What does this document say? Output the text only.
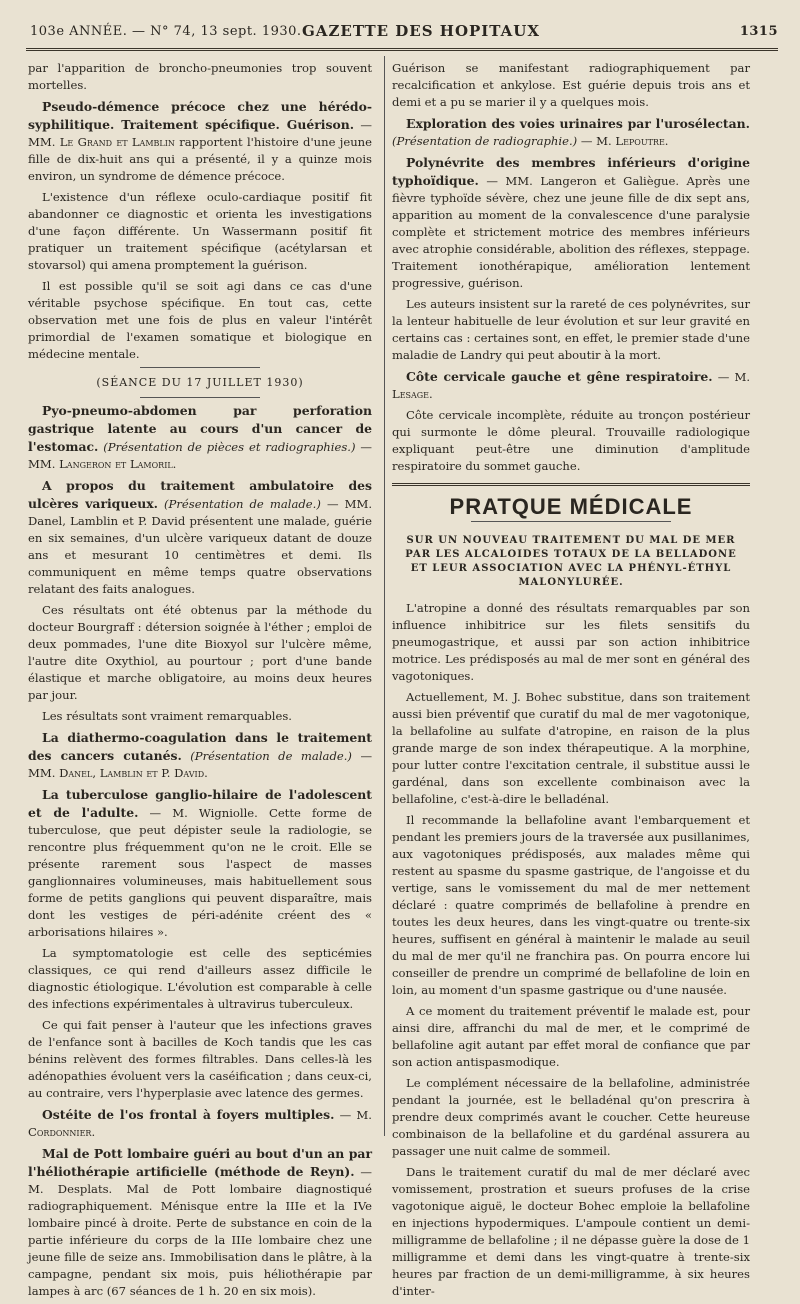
103e ANNÉE. — N° 74, 13 sept. 1930. GAZETTE DES HOPITAUX	1315

par l'apparition de broncho-pneumonies trop souvent mortelles.

Pseudo-démence précoce chez une hérédo-syphilitique. Traitement spécifique. Guérison. — MM. Le Grand et Lamblin rapportent l'histoire d'une jeune fille de dix-huit ans qui a présenté, il y a quinze mois environ, un syndrome de démence précoce.

L'existence d'un réflexe oculo-cardiaque positif fit abandonner ce diagnostic et orienta les investigations d'une façon différente. Un Wassermann positif fit pratiquer un traitement spécifique (acétylarsan et stovarsol) qui amena promptement la guérison.

Il est possible qu'il se soit agi dans ce cas d'une véritable psychose spécifique. En tout cas, cette observation met une fois de plus en valeur l'intérêt primordial de l'examen somatique et biologique en médecine mentale.

(SÉANCE DU 17 JUILLET 1930)

Pyo-pneumo-abdomen par perforation gastrique latente au cours d'un cancer de l'estomac. (Présentation de pièces et radiographies.) — MM. Langeron et Lamoril.

A propos du traitement ambulatoire des ulcères variqueux. (Présentation de malade.) — MM. Danel, Lamblin et P. David présentent une malade, guérie en six semaines, d'un ulcère variqueux datant de douze ans et mesurant 10 centimètres et demi. Ils communiquent en même temps quatre observations relatant des faits analogues.

Ces résultats ont été obtenus par la méthode du docteur Bourgraff : détersion soignée à l'éther ; emploi de deux pommades, l'une dite Bioxyol sur l'ulcère même, l'autre dite Oxythiol, au pourtour ; port d'une bande élastique et marche obligatoire, au moins deux heures par jour.

Les résultats sont vraiment remarquables.

La diathermo-coagulation dans le traitement des cancers cutanés. (Présentation de malade.) — MM. Danel, Lamblin et P. David.

La tuberculose ganglio-hilaire de l'adolescent et de l'adulte. — M. Wigniolle. Cette forme de tuberculose, que peut dépister seule la radiologie, se rencontre plus fréquemment qu'on ne le croit. Elle se présente rarement sous l'aspect de masses ganglionnaires volumineuses, mais habituellement sous forme de petits ganglions qui peuvent disparaître, mais dont les vestiges de péri-adénite créent des « arborisations hilaires ».

La symptomatologie est celle des septicémies classiques, ce qui rend d'ailleurs assez difficile le diagnostic étiologique. L'évolution est comparable à celle des infections expérimentales à ultravirus tuberculeux.

Ce qui fait penser à l'auteur que les infections graves de l'enfance sont à bacilles de Koch tandis que les cas bénins relèvent des formes filtrables. Dans celles-là les adénopathies évoluent vers la caséification ; dans ceux-ci, au contraire, vers l'hyperplasie avec latence des germes.

Ostéite de l'os frontal à foyers multiples. — M. Cordonnier.

Mal de Pott lombaire guéri au bout d'un an par l'héliothérapie artificielle (méthode de Reyn). — M. Desplats. Mal de Pott lombaire diagnostiqué radiographiquement. Ménisque entre la IIIe et la IVe lombaire pincé à droite. Perte de substance en coin de la partie inférieure du corps de la IIIe lombaire chez une jeune fille de seize ans. Immobilisation dans le plâtre, à la campagne, pendant six mois, puis héliothérapie par lampes à arc (67 séances de 1 h. 20 en six mois).

Guérison se manifestant radiographiquement par recalcification et ankylose. Est guérie depuis trois ans et demi et a pu se marier il y a quelques mois.

Exploration des voies urinaires par l'urosélectan. (Présentation de radiographie.) — M. Lepoutre.

Polynévrite des membres inférieurs d'origine typhoïdique. — MM. Langeron et Galiègue. Après une fièvre typhoïde sévère, chez une jeune fille de dix sept ans, apparition au moment de la convalescence d'une paralysie complète et strictement motrice des membres inférieurs avec atrophie considérable, abolition des réflexes, steppage. Traitement ionothérapique, amélioration lentement progressive, guérison.

Les auteurs insistent sur la rareté de ces polynévrites, sur la lenteur habituelle de leur évolution et sur leur gravité en certains cas : certaines sont, en effet, le premier stade d'une maladie de Landry qui peut aboutir à la mort.

Côte cervicale gauche et gêne respiratoire. — M. Lesage.

Côte cervicale incomplète, réduite au tronçon postérieur qui surmonte le dôme pleural. Trouvaille radiologique expliquant peut-être une diminution d'amplitude respiratoire du sommet gauche.

PRATQUE MÉDICALE

SUR UN NOUVEAU TRAITEMENT DU MAL DE MER PAR LES ALCALOIDES TOTAUX DE LA BELLADONE ET LEUR ASSOCIATION AVEC LA PHÉNYL-ÉTHYL MALONYLURÉE.

L'atropine a donné des résultats remarquables par son influence inhibitrice sur les filets sensitifs du pneumogastrique, et aussi par son action inhibitrice motrice. Les prédisposés au mal de mer sont en général des vagotoniques.

Actuellement, M. J. Bohec substitue, dans son traitement aussi bien préventif que curatif du mal de mer vagotonique, la bellafoline au sulfate d'atropine, en raison de la plus grande marge de son index thérapeutique. A la morphine, pour lutter contre l'excitation centrale, il substitue aussi le gardénal, dans son excellente combinaison avec la bellafoline, c'est-à-dire le belladénal.

Il recommande la bellafoline avant l'embarquement et pendant les premiers jours de la traversée aux pusillanimes, aux vagotoniques prédisposés, aux malades même qui restent au spasme du spasme gastrique, de l'angoisse et du vertige, sans le vomissement du mal de mer nettement déclaré : quatre comprimés de bellafoline à prendre en toutes les deux heures, dans les vingt-quatre ou trente-six heures, suffisent en général à maintenir le malade au seuil du mal de mer qu'il ne franchira pas. On pourra encore lui conseiller de prendre un comprimé de bellafoline de loin en loin, au moment d'un spasme gastrique ou d'une nausée.

A ce moment du traitement préventif le malade est, pour ainsi dire, affranchi du mal de mer, et le comprimé de bellafoline agit autant par effet moral de confiance que par son action antispasmodique.

Le complément nécessaire de la bellafoline, administrée pendant la journée, est le belladénal qu'on prescrira à prendre deux comprimés avant le coucher. Cette heureuse combinaison de la bellafoline et du gardénal assurera au passager une nuit calme de sommeil.

Dans le traitement curatif du mal de mer déclaré avec vomissement, prostration et sueurs profuses de la crise vagotonique aiguë, le docteur Bohec emploie la bellafoline en injections hypodermiques. L'ampoule contient un demi-milligramme de bellafoline ; il ne dépasse guère la dose de 1 milligramme et demi dans les vingt-quatre à trente-six heures par fraction de un demi-milligramme, à six heures d'inter-
